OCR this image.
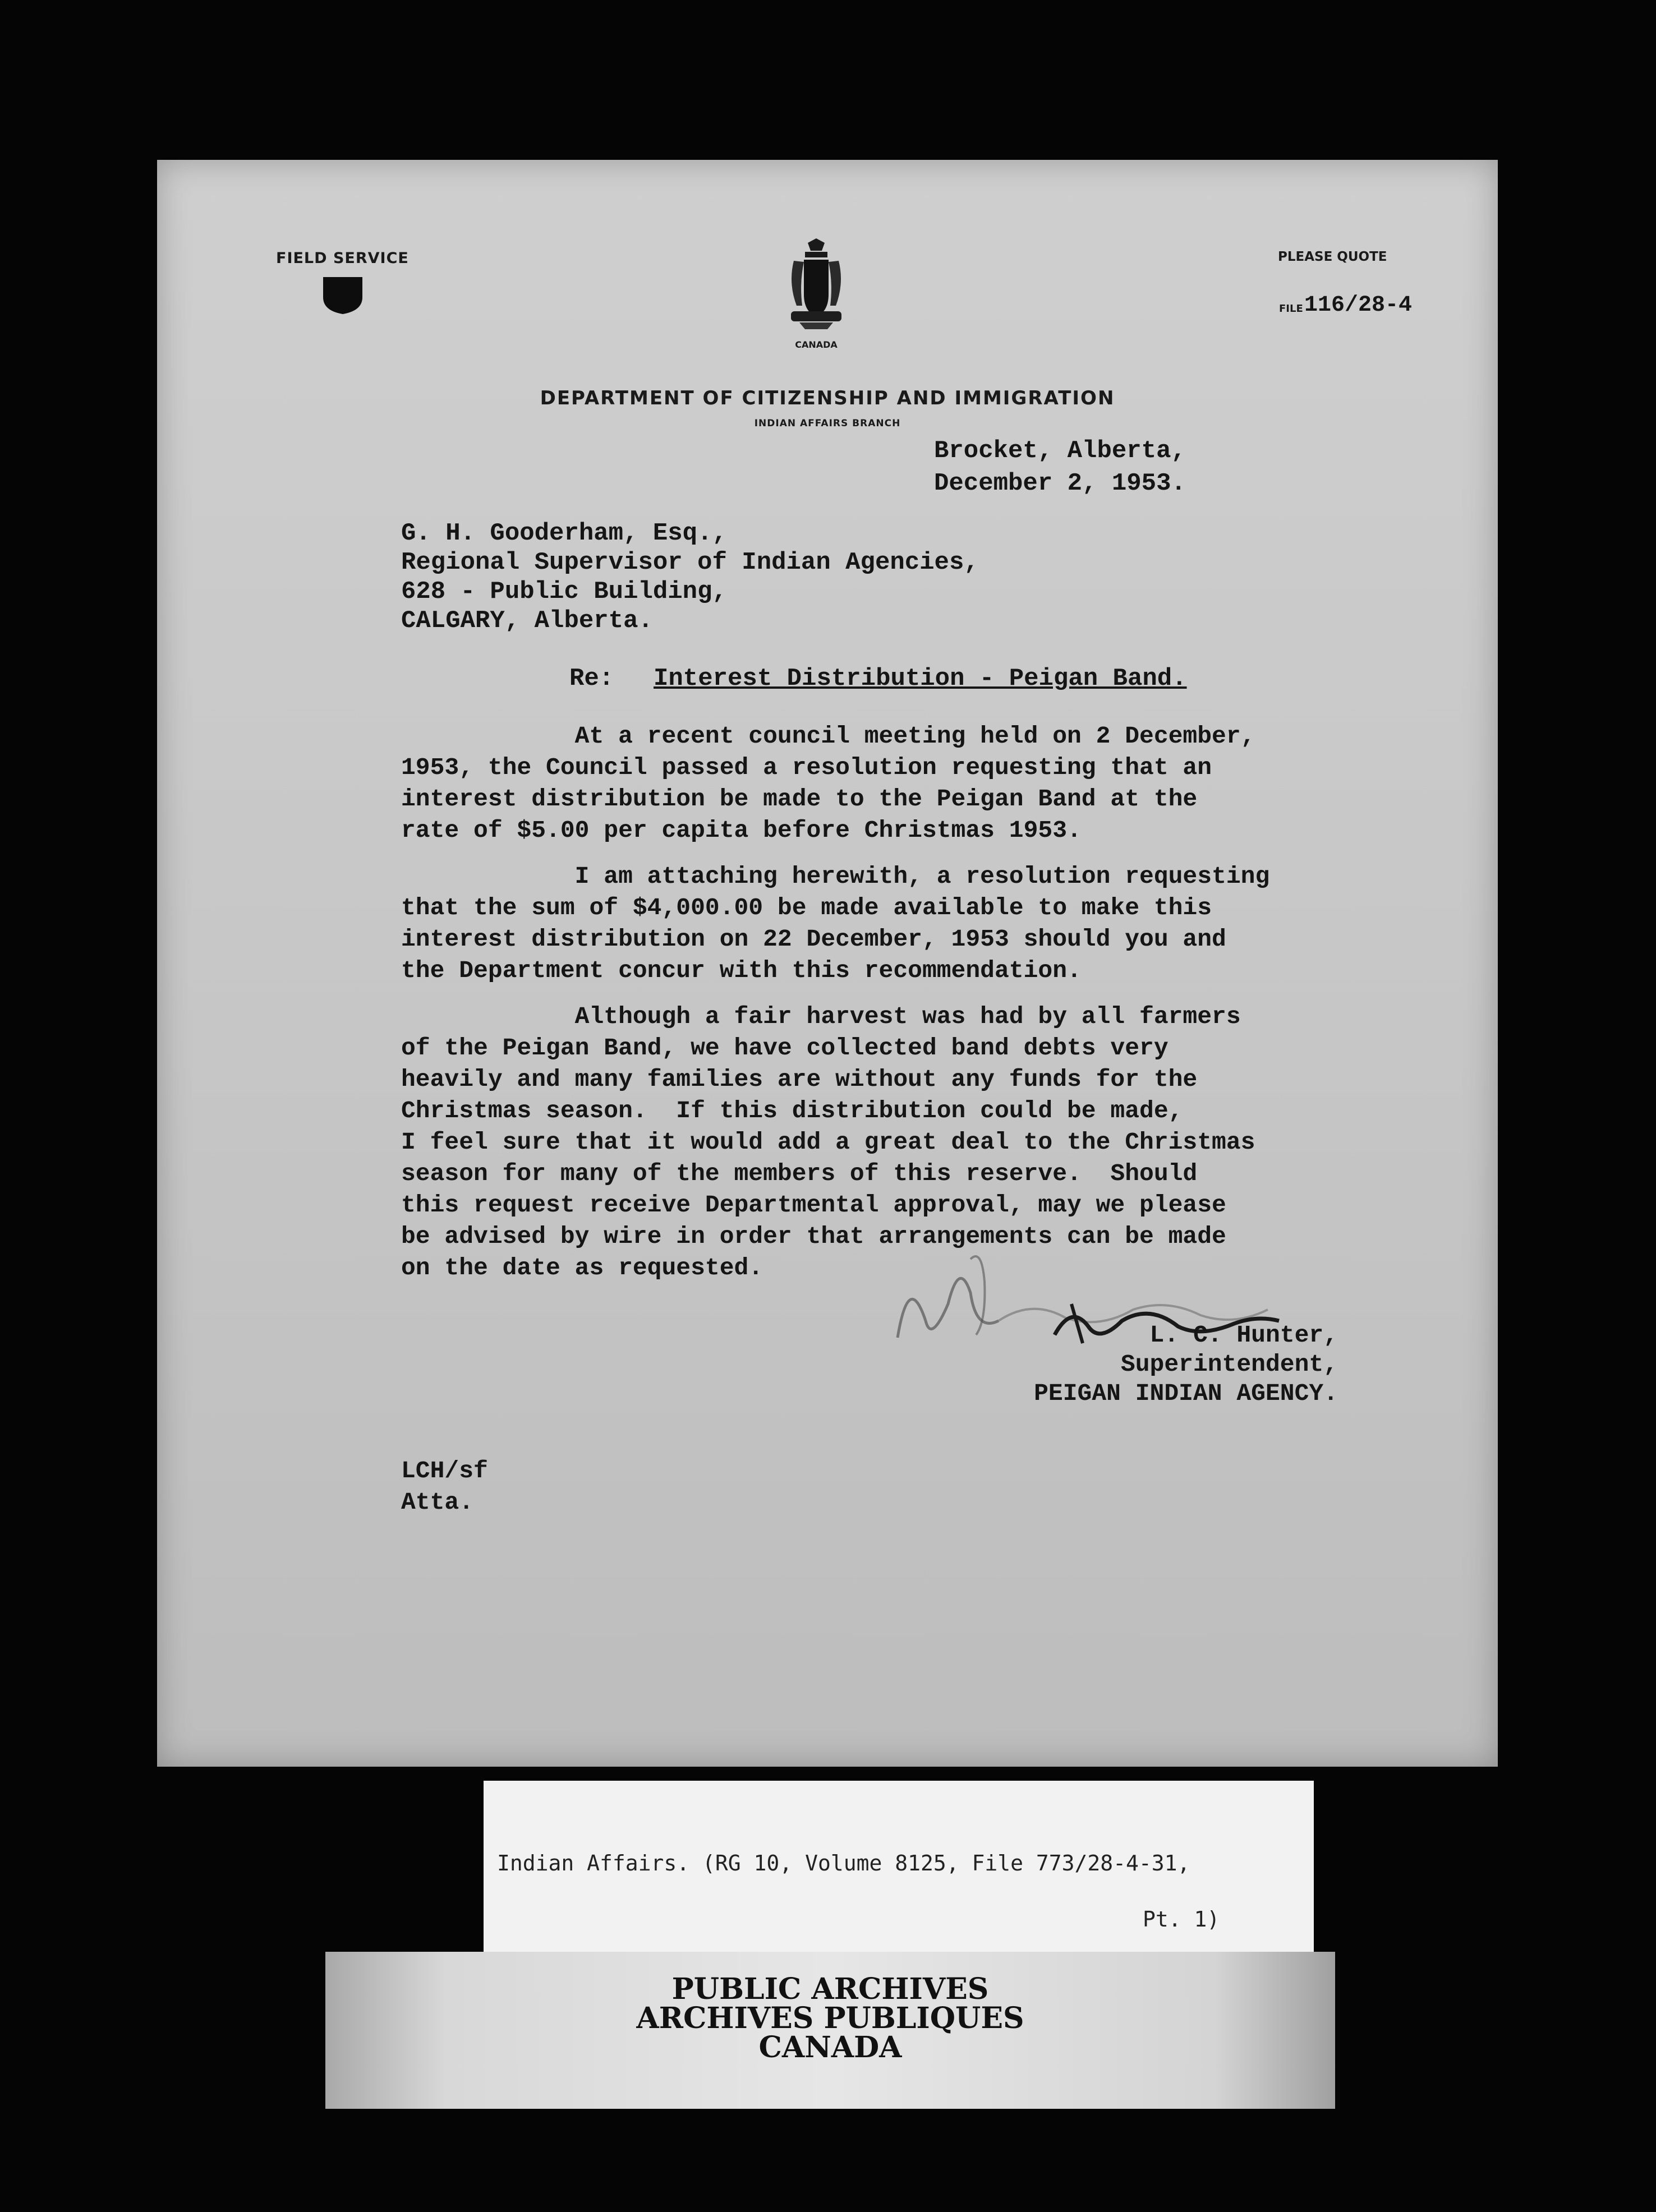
FIELD SERVICE
CANADA
PLEASE QUOTE
FILE 116/28-4
DEPARTMENT OF CITIZENSHIP AND IMMIGRATION
INDIAN AFFAIRS BRANCH
Brocket, Alberta,
December 2, 1953.
G. H. Gooderham, Esq.,
Regional Supervisor of Indian Agencies,
628 - Public Building,
CALGARY, Alberta.
Re: Interest Distribution - Peigan Band.
At a recent council meeting held on 2 December,
1953, the Council passed a resolution requesting that an
interest distribution be made to the Peigan Band at the
rate of $5.00 per capita before Christmas 1953.
I am attaching herewith, a resolution requesting
that the sum of $4,000.00 be made available to make this
interest distribution on 22 December, 1953 should you and
the Department concur with this recommendation.
Although a fair harvest was had by all farmers
of the Peigan Band, we have collected band debts very
heavily and many families are without any funds for the
Christmas season.  If this distribution could be made,
I feel sure that it would add a great deal to the Christmas
season for many of the members of this reserve.  Should
this request receive Departmental approval, may we please
be advised by wire in order that arrangements can be made
on the date as requested.
L. C. Hunter,
Superintendent,
PEIGAN INDIAN AGENCY.
LCH/sf
Atta.
Indian Affairs. (RG 10, Volume 8125, File 773/28-4-31,
Pt. 1)
PUBLIC ARCHIVES
ARCHIVES PUBLIQUES
CANADA
